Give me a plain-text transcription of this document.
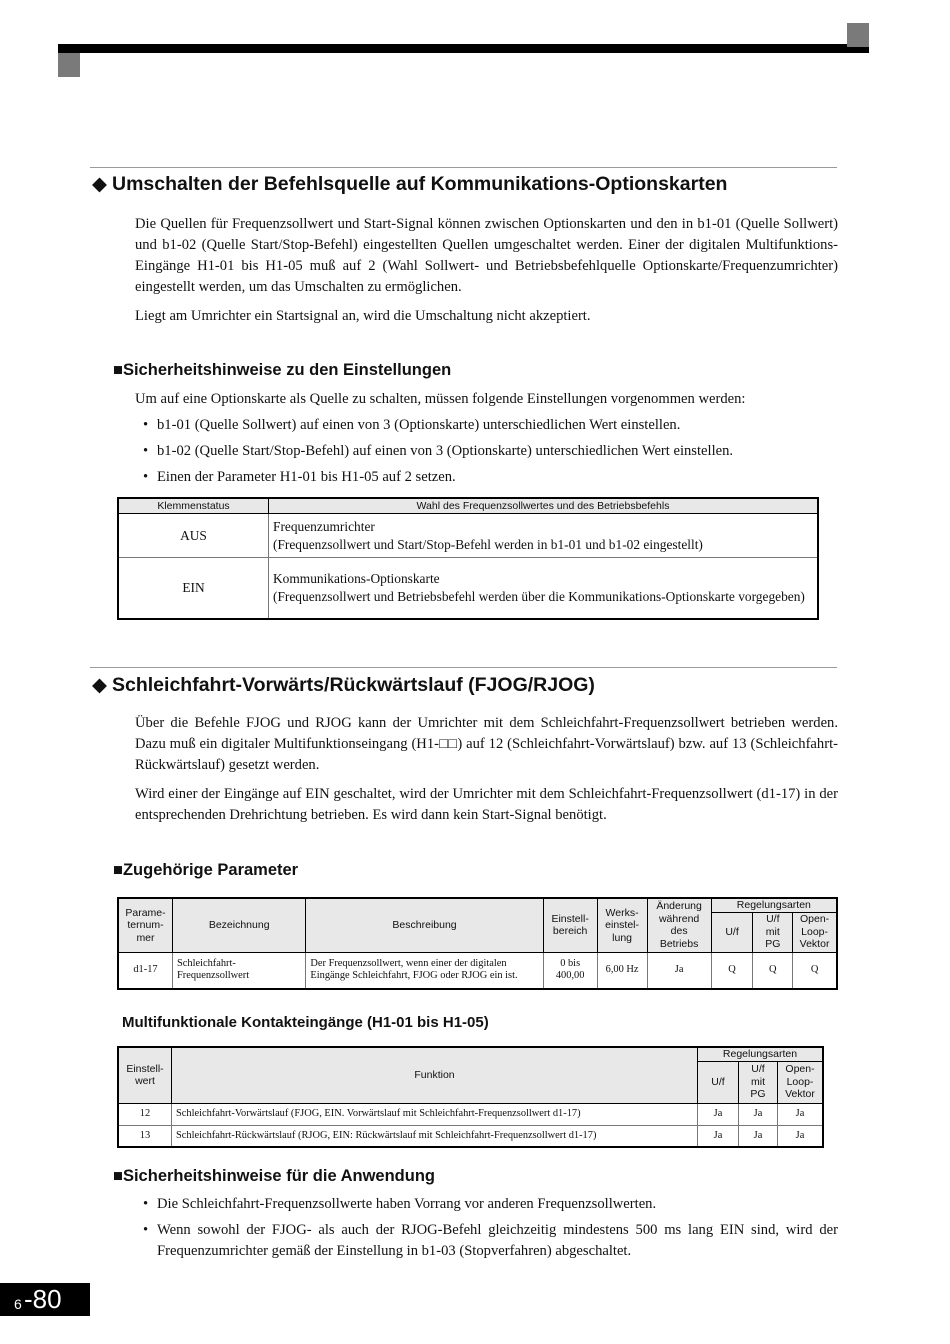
◆ Umschalten der Befehlsquelle auf Kommunikations-Optionskarten

Die Quellen für Frequenzsollwert und Start-Signal können zwischen Optionskarten und den in b1-01 (Quelle Sollwert) und b1-02 (Quelle Start/Stop-Befehl) eingestellten Quellen umgeschaltet werden. Einer der digitalen Multifunktions-Eingänge H1-01 bis H1-05 muß auf 2 (Wahl Sollwert- und Betriebsbefehlquelle Optionskarte/Frequenzumrichter) eingestellt werden, um das Umschalten zu ermöglichen.

Liegt am Umrichter ein Startsignal an, wird die Umschaltung nicht akzeptiert.

■Sicherheitshinweise zu den Einstellungen

Um auf eine Optionskarte als Quelle zu schalten, müssen folgende Einstellungen vorgenommen werden:

• b1-01 (Quelle Sollwert) auf einen von 3 (Optionskarte) unterschiedlichen Wert einstellen.
• b1-02 (Quelle Start/Stop-Befehl) auf einen von 3 (Optionskarte) unterschiedlichen Wert einstellen.
• Einen der Parameter H1-01 bis H1-05 auf 2 setzen.
Klemmenstatus	Wahl des Frequenzsollwertes und des Betriebsbefehls
AUS	Frequenzumrichter
(Frequenzsollwert und Start/Stop-Befehl werden in b1-01 und b1-02 eingestellt)

EIN	Kommunikations-Optionskarte
(Frequenzsollwert und Betriebsbefehl werden über die Kommunikations-Optionskarte vorgegeben)
◆ Schleichfahrt-Vorwärts/Rückwärtslauf (FJOG/RJOG)

Über die Befehle FJOG und RJOG kann der Umrichter mit dem Schleichfahrt-Frequenzsollwert betrieben werden. Dazu muß ein digitaler Multifunktionseingang (H1-□□) auf 12 (Schleichfahrt-Vorwärtslauf) bzw. auf 13 (Schleichfahrt-Rückwärtslauf) gesetzt werden.

Wird einer der Eingänge auf EIN geschaltet, wird der Umrichter mit dem Schleichfahrt-Frequenzsollwert (d1-17) in der entsprechenden Drehrichtung betrieben. Es wird dann kein Start-Signal benötigt.

■Zugehörige Parameter
Parame-
ternum-
mer	Bezeichnung	Beschreibung	Einstell-
bereich	Werks-
einstel-
lung	Änderung
während
des
Betriebs	Regelungsarten		
						U/f	U/f
mit
PG	Open-
Loop-
Vektor
d1-17	Schleichfahrt-
Frequenzsollwert	Der Frequenzsollwert, wenn einer der digitalen Eingänge Schleichfahrt, FJOG oder RJOG ein ist.	0 bis
400,00	6,00 Hz	Ja	Q	Q	Q
Multifunktionale Kontakteingänge (H1-01 bis H1-05)
Einstell-
wert	Funktion	Regelungsarten		
		U/f	U/f
mit
PG	Open-
Loop-
Vektor
12	Schleichfahrt-Vorwärtslauf (FJOG, EIN. Vorwärtslauf mit Schleichfahrt-Frequenzsollwert d1-17)	Ja	Ja	Ja
13	Schleichfahrt-Rückwärtslauf (RJOG, EIN: Rückwärtslauf mit Schleichfahrt-Frequenzsollwert d1-17)	Ja	Ja	Ja
■Sicherheitshinweise für die Anwendung
• Die Schleichfahrt-Frequenzsollwerte haben Vorrang vor anderen Frequenzsollwerten.
• Wenn sowohl der FJOG- als auch der RJOG-Befehl gleichzeitig mindestens 500 ms lang EIN sind, wird der Frequenzumrichter gemäß der Einstellung in b1-03 (Stopverfahren) abgeschaltet.
6 -80
